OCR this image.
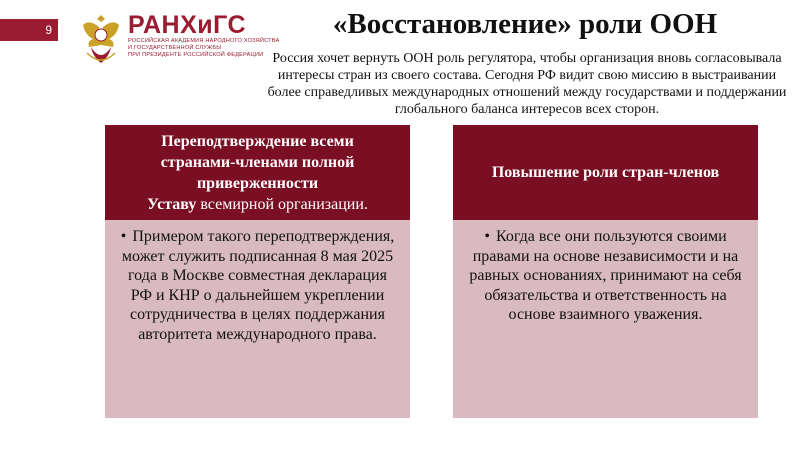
9	РАНХиГС
РОССИЙСКАЯ АКАДЕМИЯ НАРОДНОГО ХОЗЯЙСТВА
И ГОСУДАРСТВЕННОЙ СЛУЖБЫ
ПРИ ПРЕЗИДЕНТЕ РОССИЙСКОЙ ФЕДЕРАЦИИ
«Восстановление» роли ООН
Россия хочет вернуть ООН роль регулятора, чтобы организация вновь согласовывала интересы стран из своего состава. Сегодня РФ видит свою миссию в выстраивании более справедливых международных отношений между государствами и поддержании глобального баланса интересов всех сторон.
Переподтверждение всеми
странами-членами полной
приверженности
Уставу всемирной организации.
• Примером такого переподтверждения, может служить подписанная 8 мая 2025 года в Москве совместная декларация РФ и КНР о дальнейшем укреплении сотрудничества в целях поддержания авторитета международного права.
Повышение роли стран-членов
• Когда все они пользуются своими правами на основе независимости и на равных основаниях, принимают на себя обязательства и ответственность на основе взаимного уважения.
